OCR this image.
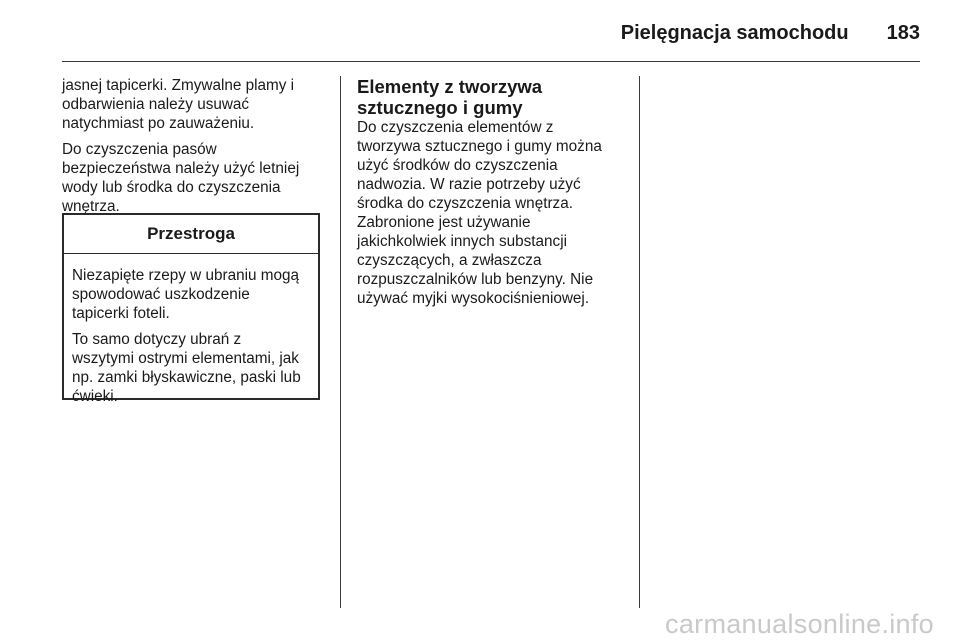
Pielęgnacja samochodu 183

jasnej tapicerki. Zmywalne plamy i
odbarwienia należy usuwać
natychmiast po zauważeniu.

Do czyszczenia pasów
bezpieczeństwa należy użyć letniej
wody lub środka do czyszczenia
wnętrza.

Przestroga

Niezapięte rzepy w ubraniu mogą
spowodować uszkodzenie
tapicerki foteli.

To samo dotyczy ubrań z
wszytymi ostrymi elementami, jak
np. zamki błyskawiczne, paski lub
ćwieki.

Elementy z tworzywa
sztucznego i gumy

Do czyszczenia elementów z
tworzywa sztucznego i gumy można
użyć środków do czyszczenia
nadwozia. W razie potrzeby użyć
środka do czyszczenia wnętrza.
Zabronione jest używanie
jakichkolwiek innych substancji
czyszczących, a zwłaszcza
rozpuszczalników lub benzyny. Nie
używać myjki wysokociśnieniowej.

carmanualsonline.info
